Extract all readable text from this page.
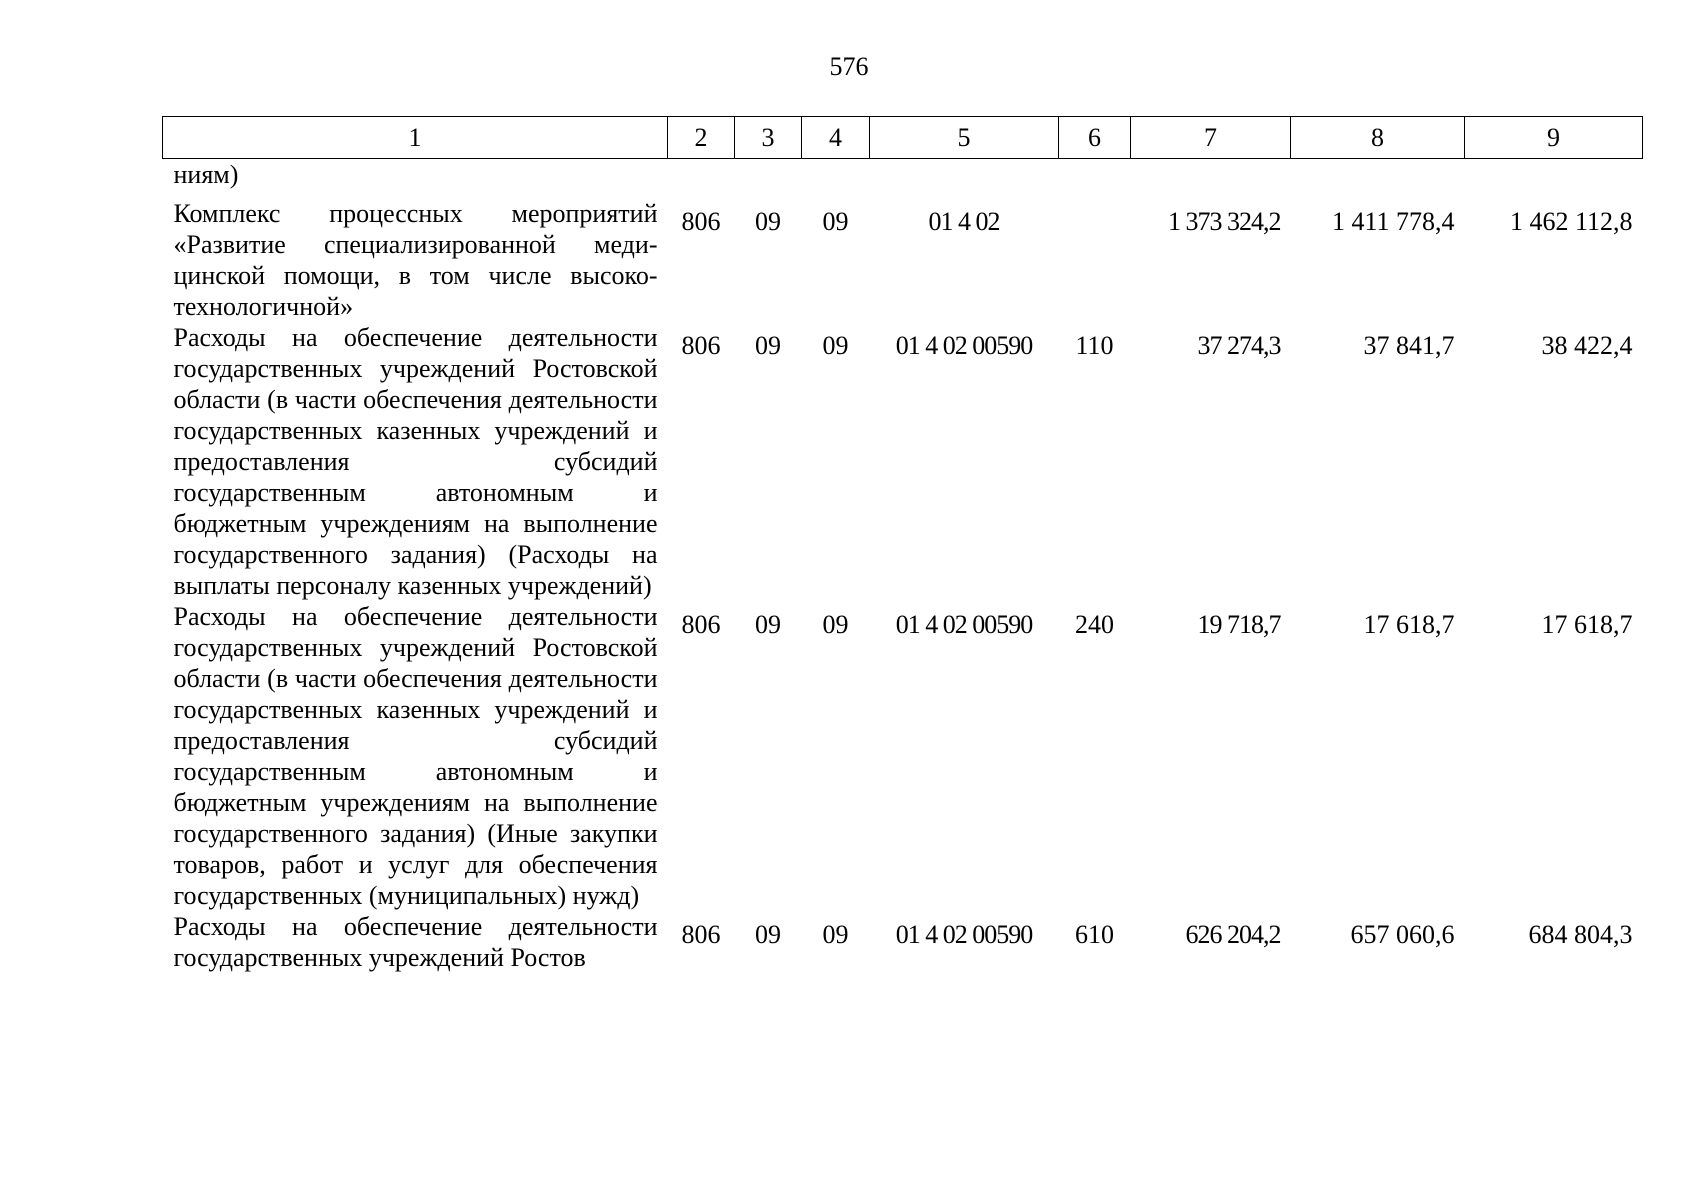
576
1	2	3	4	5	6	7	8	9
ниям)								
Комплекс процессных мероприятий «Развитие специализированной медицинской помощи, в том числе высокотехнологичной»	806	09	09	01 4 02		1 373 324,2	1 411 778,4	1 462 112,8
Расходы на обеспечение деятельности государственных учреждений Ростовской области (в части обеспечения деятельности государственных казенных учреждений и предоставления субсидий государственным автономным и бюджетным учреждениям на выполнение государственного задания) (Расходы на выплаты персоналу казенных учреждений)	806	09	09	01 4 02 00590	110	37 274,3	37 841,7	38 422,4
Расходы на обеспечение деятельности государственных учреждений Ростовской области (в части обеспечения деятельности государственных казенных учреждений и предоставления субсидий государственным автономным и бюджетным учреждениям на выполнение государственного задания) (Иные закупки товаров, работ и услуг для обеспечения государственных (муниципальных) нужд)	806	09	09	01 4 02 00590	240	19 718,7	17 618,7	17 618,7
Расходы на обеспечение деятельности государственных учреждений Ростов	806	09	09	01 4 02 00590	610	626 204,2	657 060,6	684 804,3
